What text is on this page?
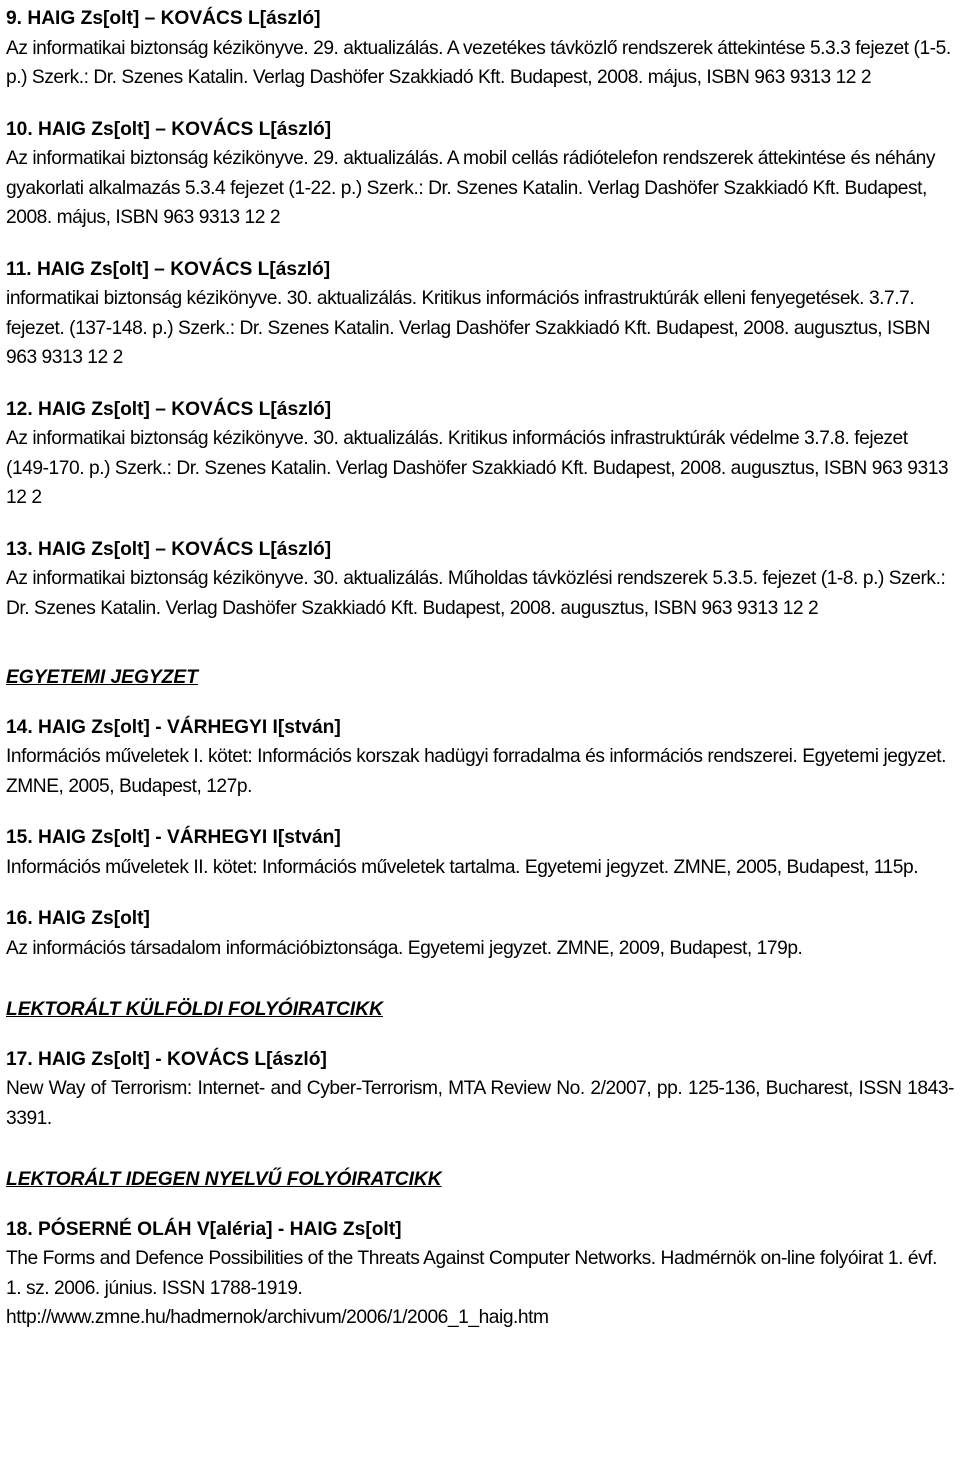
9. HAIG Zs[olt] – KOVÁCS L[ászló]
Az informatikai biztonság kézikönyve. 29. aktualizálás. A vezetékes távközlő rendszerek áttekintése 5.3.3 fejezet (1-5. p.) Szerk.: Dr. Szenes Katalin. Verlag Dashöfer Szakkiadó Kft. Budapest, 2008. május, ISBN 963 9313 12 2
10. HAIG Zs[olt] – KOVÁCS L[ászló]
Az informatikai biztonság kézikönyve. 29. aktualizálás. A mobil cellás rádiótelefon rendszerek áttekintése és néhány gyakorlati alkalmazás 5.3.4 fejezet (1-22. p.) Szerk.: Dr. Szenes Katalin. Verlag Dashöfer Szakkiadó Kft. Budapest, 2008. május, ISBN 963 9313 12 2
11. HAIG Zs[olt] – KOVÁCS L[ászló]
informatikai biztonság kézikönyve. 30. aktualizálás. Kritikus információs infrastruktúrák elleni fenyegetések. 3.7.7. fejezet. (137-148. p.) Szerk.: Dr. Szenes Katalin. Verlag Dashöfer Szakkiadó Kft. Budapest, 2008. augusztus, ISBN 963 9313 12 2
12. HAIG Zs[olt] – KOVÁCS L[ászló]
Az informatikai biztonság kézikönyve. 30. aktualizálás. Kritikus információs infrastruktúrák védelme 3.7.8. fejezet (149-170. p.) Szerk.: Dr. Szenes Katalin. Verlag Dashöfer Szakkiadó Kft. Budapest, 2008. augusztus, ISBN 963 9313 12 2
13. HAIG Zs[olt] – KOVÁCS L[ászló]
Az informatikai biztonság kézikönyve. 30. aktualizálás. Műholdas távközlési rendszerek 5.3.5. fejezet (1-8. p.) Szerk.: Dr. Szenes Katalin. Verlag Dashöfer Szakkiadó Kft. Budapest, 2008. augusztus, ISBN 963 9313 12 2
EGYETEMI JEGYZET
14. HAIG Zs[olt] - VÁRHEGYI I[stván]
Információs műveletek I. kötet: Információs korszak hadügyi forradalma és információs rendszerei. Egyetemi jegyzet. ZMNE, 2005, Budapest, 127p.
15. HAIG Zs[olt] - VÁRHEGYI I[stván]
Információs műveletek II. kötet: Információs műveletek tartalma. Egyetemi jegyzet. ZMNE, 2005, Budapest, 115p.
16. HAIG Zs[olt]
Az információs társadalom információbiztonsága. Egyetemi jegyzet. ZMNE, 2009, Budapest, 179p.
LEKTORÁLT KÜLFÖLDI FOLYÓIRATCIKK
17. HAIG Zs[olt] - KOVÁCS L[ászló]
New Way of Terrorism: Internet- and Cyber-Terrorism, MTA Review No. 2/2007, pp. 125-136, Bucharest, ISSN 1843-3391.
LEKTORÁLT IDEGEN NYELVŰ FOLYÓIRATCIKK
18. PÓSERNÉ OLÁH V[aléria] - HAIG Zs[olt]
The Forms and Defence Possibilities of the Threats Against Computer Networks. Hadmérnök on-line folyóirat 1. évf. 1. sz. 2006. június. ISSN 1788-1919.
http://www.zmne.hu/hadmernok/archivum/2006/1/2006_1_haig.htm
